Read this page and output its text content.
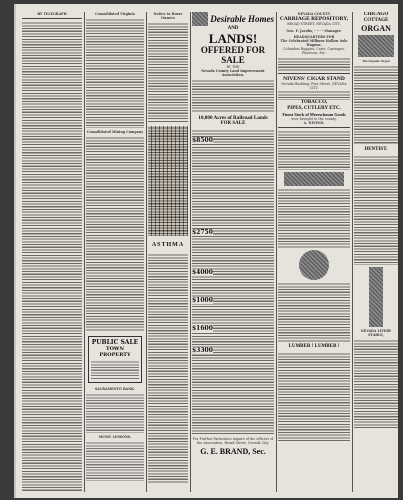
BY TELEGRAPH	Consolidated Virginia
Consolidated Mining Company
PUBLIC SALE
TOWN PROPERTY
SACRAMENTO BANK.
MUSIC LESSONS.
Notice to Horse Owners
ASTHMA
Desirable Homes
AND
LANDS!
OFFERED FOR SALE
BY THE
Nevada County Land Improvement Association.
10,000 Acres of Railroad Lands
FOR SALE
$8500
$2750
$4000
$1000
$1600
$3300
For Further Particulars inquire of the officers of
the Association, Broad Street, Nevada City.
G. E. BRAND, Sec.
NEVADA COUNTY
CARRIAGE REPOSITORY,
BROAD STREET, NEVADA CITY.
Geo. F. Jacobs, - - - - Manager.
HEADQUARTERS FOR
The Celebrated Milburn Hollow Axle Wagons.
Columbus Buggies, Carts, Carriages, Phaetons, Etc.
NIVENS' CIGAR STAND
Nevada Building, Pine Street, NEVADA CITY.
TOBACCO,
PIPES, CUTLERY ETC.
Finest Stock of Meerschaum Goods
ever brought to the county.
A. NIVENS.
LUMBER ! LUMBER !
CHICAGO
COTTAGE
ORGAN
The Popular Organ
DENTIST.
NEVADA LIVERY STABLE,
